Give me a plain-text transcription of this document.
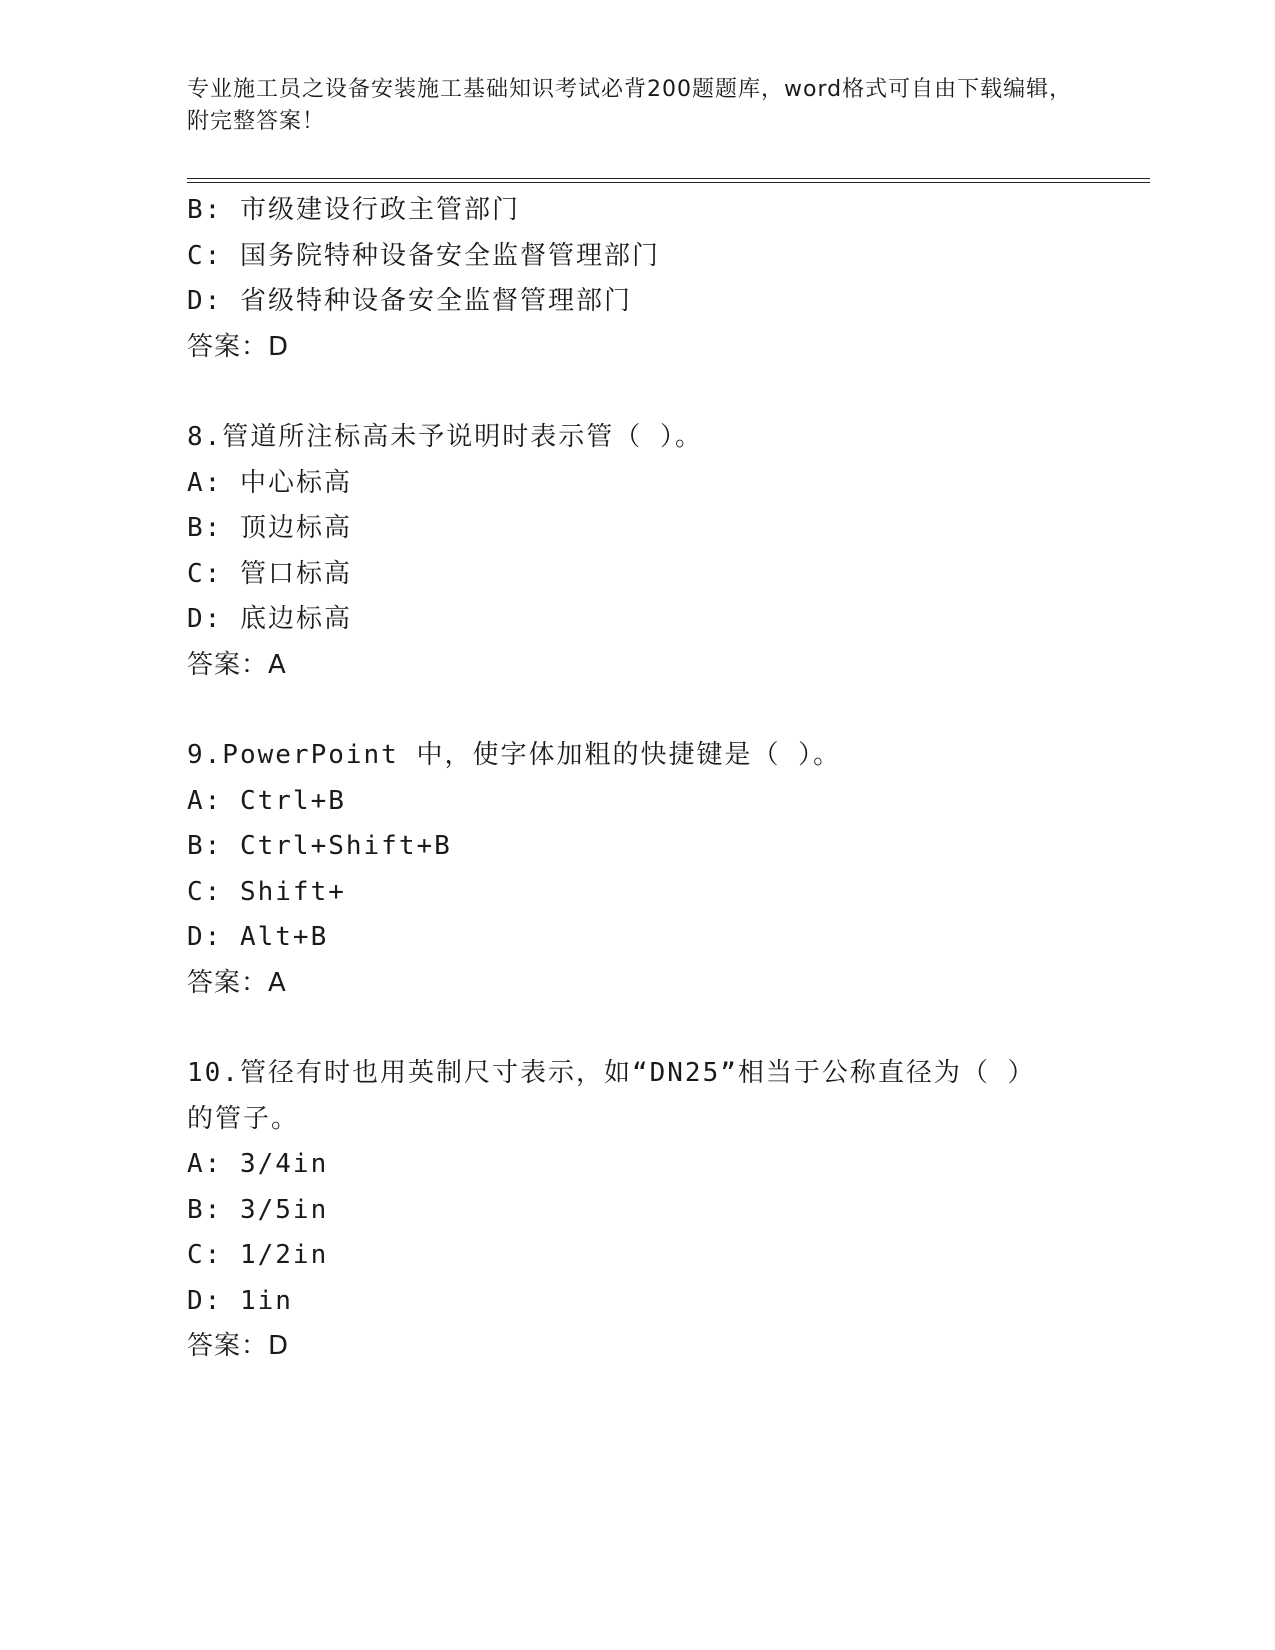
专业施工员之设备安装施工基础知识考试必背200题题库，word格式可自由下载编辑，附完整答案！
B: 市级建设行政主管部门
C: 国务院特种设备安全监督管理部门
D: 省级特种设备安全监督管理部门
答案：D
8.管道所注标高未予说明时表示管（ ）。
A: 中心标高
B: 顶边标高
C: 管口标高
D: 底边标高
答案：A
9.PowerPoint 中，使字体加粗的快捷键是（ ）。
A: Ctrl+B
B: Ctrl+Shift+B
C: Shift+
D: Alt+B
答案：A
10.管径有时也用英制尺寸表示，如“DN25”相当于公称直径为（ ）的管子。
A: 3/4in
B: 3/5in
C: 1/2in
D: 1in
答案：D
